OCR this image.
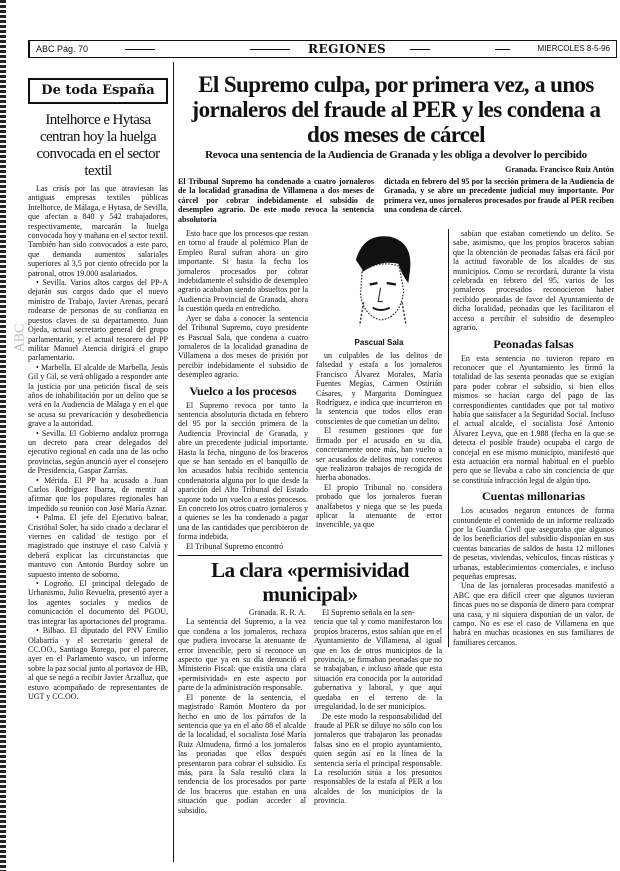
ABC Pág. 70	REGIONES	MIERCOLES 8-5-96
De toda España
Intelhorce e Hytasa centran hoy la huelga convocada en el sector textil

Las crisis por las que atraviesan las antiguas empresas textiles públicas Intelhorce, de Málaga, e Hytasa, de Sevilla, que afectan a 840 y 542 trabajadores, respectivamente, marcarán la huelga convocada hoy y mañana en el sector textil. También han sido convocados a este paro, que demanda aumentos salariales superiores al 3,5 por ciento ofrecido por la patronal, otros 19.000 asalariados.

• Sevilla. Varios altos cargos del PP-A dejarán sus cargos dado que el nuevo ministro de Trabajo, Javier Arenas, pecará rodearse de personas de su confianza en puestos claves de su departamento. Juan Ojeda, actual secretario general del grupo parlamentario, y el actual tesorero del PP militar Manuel Atencia dirigirá el grupo parlamentario.

• Marbella. El alcalde de Marbella, Jesús Gil y Gil, se verá obligado a responder ante la justicia por una petición fiscal de seis años de inhabilitación por un delito que se verá en la Audiencia de Málaga y en el que se acusa su prevaricación y desobediencia grave a la autoridad.

• Sevilla. El Gobierno andaluz prorroga un decreto para crear delegados del ejecutivo regional en cada una de las ocho provincias, según anunció ayer el consejero de Presidencia, Gaspar Zarrías.

• Mérida. El PP ha acusado a Juan Carlos Rodríguez Ibarra, de mentir al afirmar que los populares regionales han impedido su reunión con José María Aznar.

• Palma. El jefe del Ejecutivo balear, Cristóbal Soler, ha sido citado a declarar el viernes en calidad de testigo por el magistrado que instruye el caso Calvià y deberá explicar las circunstancias que mantuvo con Antonio Burdoy sobre un supuesto intento de soborno.

• Logroño. El principal delegado de Urbanismo, Julio Revuelta, presentó ayer a los agentes sociales y medios de comunicación el documento del PGOU, tras integrar las aportaciones del programa.

• Bilbao. El diputado del PNV Emilio Olabarría y el secretario general de CC.OO., Santiago Borego, por el parecer, ayer en el Parlamento vasco, un informe sobre la paz social junto al portavoz de HB, al que se negó a recibir Javier Arzalluz, que estuvo acompañado de representantes de UGT y CC.OO.

El Supremo culpa, por primera vez, a unos jornaleros del fraude al PER y les condena a dos meses de cárcel
Revoca una sentencia de la Audiencia de Granada y les obliga a devolver lo percibido
Granada. Francisco Ruiz Antón
El Tribunal Supremo ha condenado a cuatro jornaleros de la localidad granadina de Villamena a dos meses de cárcel por cobrar indebidamente el subsidio de desempleo agrario. De este modo revoca la sentencia absolutoria
dictada en febrero del 95 por la sección primera de la Audiencia de Granada, y se abre un precedente judicial muy importante. Por primera vez, unos jornaleros procesados por fraude al PER reciben una condena de cárcel.

Esto hace que los procesos que restan en torno al fraude al polémico Plan de Empleo Rural sufran ahora un giro importante. Si hasta la fecha los jornaleros procesados por cobrar indebidamente el subsidio de desempleo agrario acababan siendo absueltos por la Audiencia Provincial de Granada, ahora la cuestión queda en entredicho.

Ayer se daba a conocer la sentencia del Tribunal Supremo, cuyo presidente es Pascual Sala, que condena a cuatro jornaleros de la localidad granadina de Villamena a dos meses de prisión por percibir indebidamente el subsidio de desempleo agrario.

Vuelco a los procesos

El Supremo revoca por tanto la sentencia absolutoria dictada en febrero del 95 por la sección primera de la Audiencia Provincial de Granada, y abre un precedente judicial importante. Hasta la fecha, ninguno de los braceros que se han sentado en el banquillo de los acusados había recibido sentencia condenatoria alguna por lo que desde la aparición del Alto Tribunal del Estado supone todo un vuelco a estos procesos. En concreto los otros cuatro jornaleros y a quienes se les ha condenado a pagar una de las cantidades que percibieron de forma indebida.

El Tribunal Supremo encontró

Pascual Sala

un culpables de los delitos de falsedad y estafa a los jornaleros Francisco Álvarez Morales, María Fuentes Megías, Carmen Ostirián Cásares, y Margarita Domínguez Rodríguez, e indica que incurrieron en la sentencia que todos ellos eran conscientes de que cometían un delito.

El resumen gestiones que fue firmado por el acusado en su día, concretamente once más, han vuelto a ser acusados de delitos muy concretos que realizaron trabajos de recogida de hierba abonados.

El propio Tribunal no considera probado que los jornaleros fueran analfabetos y niega que se les pueda aplicar la atenuante de error invencible, ya que

La clara «permisividad municipal»
Granada. R. R. A.

La sentencia del Supremo, a la vez que condena a los jornaleros, rechaza que pudiera invocarse la atenuante de error invencible, pero sí reconoce un aspecto que ya en su día denunció el Ministerio Fiscal: que existía una clara «permisividad» en este aspecto por parte de la administración responsable.

El ponente de la sentencia, el magistrado Ramón Montero da por hecho en uno de los párrafos de la sentencia que ya en el año 88 el alcalde de la localidad, el socialista José María Ruiz Almudena, firmó a los jornaleros las peonadas que ellos después presentaron para cobrar el subsidio. Es más, para la Sala resultó clara la tendencia de los procesados por parte de los braceros que estaban en una situación que podían acceder al subsidio.

El Supremo señala en la sen-

tencia que tal y como manifestaron los propios braceros, estos sabían que en el Ayuntamiento de Villamena, al igual que en los de otros municipios de la provincia, se firmaban peonadas que no se trabajaban, e incluso añade que esta situación era conocida por la autoridad gubernativa y laboral, y que aquí quedaba en el terreno de la irregularidad, lo de ser municipios.

De este modo la responsabilidad del fraude al PER se diluye no sólo con los jornaleros que trabajaron las peonadas falsas sino en el propio ayuntamiento, quien según así en la línea de la sentencia sería el principal responsable. La resolución sitúa a los presuntos responsables de la estafa al PER a los alcaldes de los municipios de la provincia.

sabían que estaban cometiendo un delito. Se sabe, asimismo, que los propios braceros sabían que la obtención de peonadas falsas era fácil por la actitud favorable de los alcaldes de sus municipios. Como se recordará, durante la vista celebrada en febrero del 95, varios de los jornaleros procesados reconocieron haber recibido peonadas de favor del Ayuntamiento de dicha localidad, peonadas que les facilitaron el acceso a percibir el subsidio de desempleo agrario.

Peonadas falsas

En esta sentencia no tuvieron reparo en reconocer que el Ayuntamiento les firmó la totalidad de las sesenta peonadas que se exigían para poder cobrar el subsidio, si bien ellos mismos se hacían cargo del pago de las correspondientes cantidades que por tal motivo había que satisfacer a la Seguridad Social. Incluso el actual alcalde, el socialista José Antonio Álvarez Leyva, que en 1.988 (fecha en la que se detecta el posible fraude) ocupaba el cargo de concejal en ese mismo municipio, manifestó que esta actuación era normal habitual en el pueblo pero que se llevaba a cabo sin conciencia de que se constituía infracción legal de algún tipo.

Cuentas millonarias

Los acusados negaron entonces de forma contundente el contenido de un informe realizado por la Guardia Civil que aseguraba que algunos de los beneficiarios del subsidio disponían en sus cuentas bancarias de saldos de hasta 12 millones de pesetas, viviendas, vehículos, fincas rústicas y urbanas, establecimientos comerciales, e incluso pequeñas empresas.

Una de las jornaleras procesadas manifestó a ABC que era difícil creer que algunos tuvieran fincas pues no se disponía de dinero para comprar una casa, y ni siquiera disponían de un valor, de campo. No es ese el caso de Villamena en que habrá en muchas ocasiones en sus familiares de familiares cercanos.

ABC
